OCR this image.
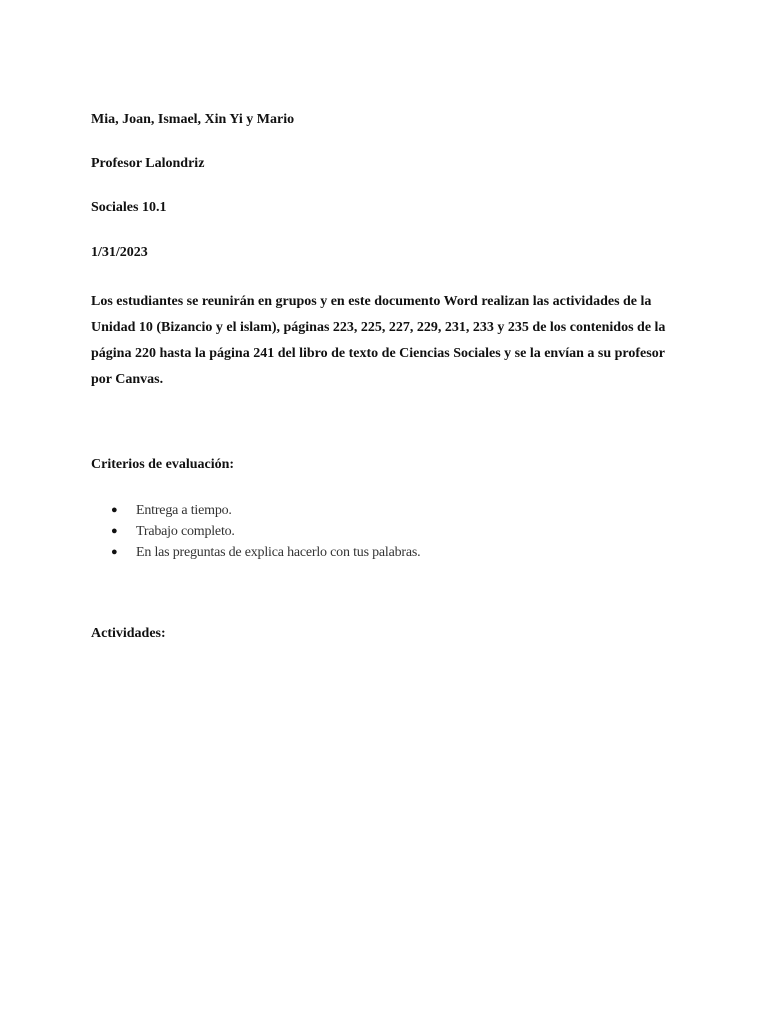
Mia, Joan, Ismael, Xin Yi y Mario
Profesor Lalondriz
Sociales 10.1
1/31/2023
Los estudiantes se reunirán en grupos y en este documento Word realizan las actividades de la Unidad 10 (Bizancio y el islam), páginas 223, 225, 227, 229, 231, 233 y 235 de los contenidos de la página 220 hasta la página 241 del libro de texto de Ciencias Sociales y se la envían a su profesor por Canvas.
Criterios de evaluación:
● Entrega a tiempo.
● Trabajo completo.
● En las preguntas de explica hacerlo con tus palabras.
Actividades:
